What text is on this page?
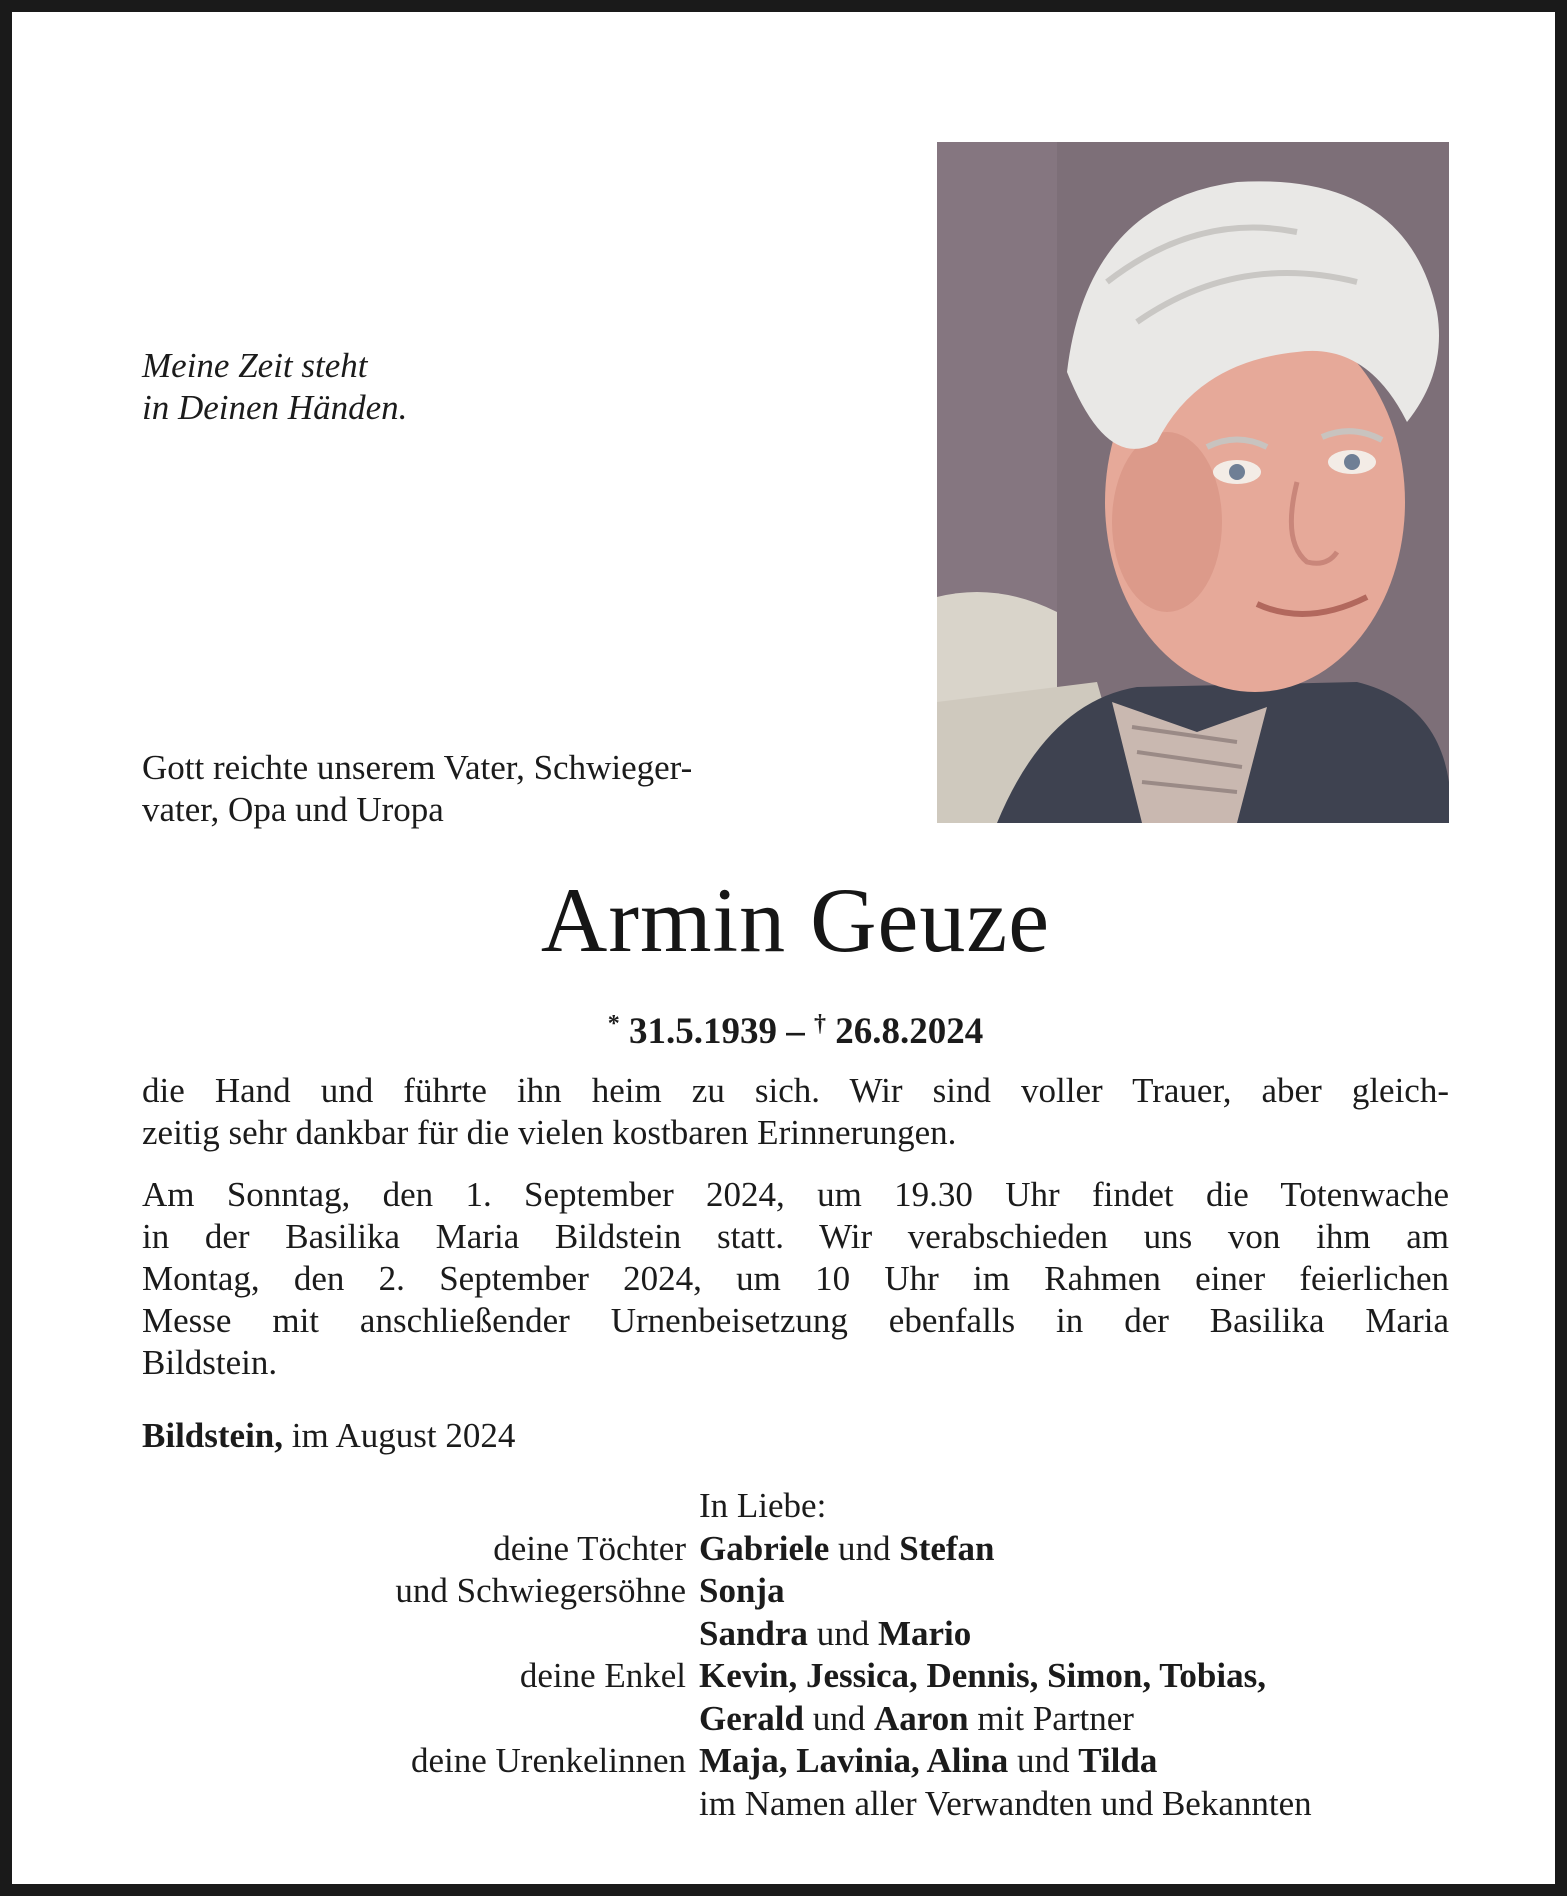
Meine Zeit steht
in Deinen Händen.
Gott reichte unserem Vater, Schwieger-
vater, Opa und Uropa
Armin Geuze
* 31.5.1939 – † 26.8.2024
die Hand und führte ihn heim zu sich. Wir sind voller Trauer, aber gleich-
zeitig sehr dankbar für die vielen kostbaren Erinnerungen.
Am Sonntag, den 1. September 2024, um 19.30 Uhr findet die Totenwache
in der Basilika Maria Bildstein statt. Wir verabschieden uns von ihm am
Montag, den 2. September 2024, um 10 Uhr im Rahmen einer feierlichen
Messe mit anschließender Urnenbeisetzung ebenfalls in der Basilika Maria
Bildstein.
Bildstein, im August 2024
In Liebe:
deine Töchter Gabriele und Stefan
und Schwiegersöhne Sonja
Sandra und Mario
deine Enkel Kevin, Jessica, Dennis, Simon, Tobias,
Gerald und Aaron mit Partner
deine Urenkelinnen Maja, Lavinia, Alina und Tilda
im Namen aller Verwandten und Bekannten
